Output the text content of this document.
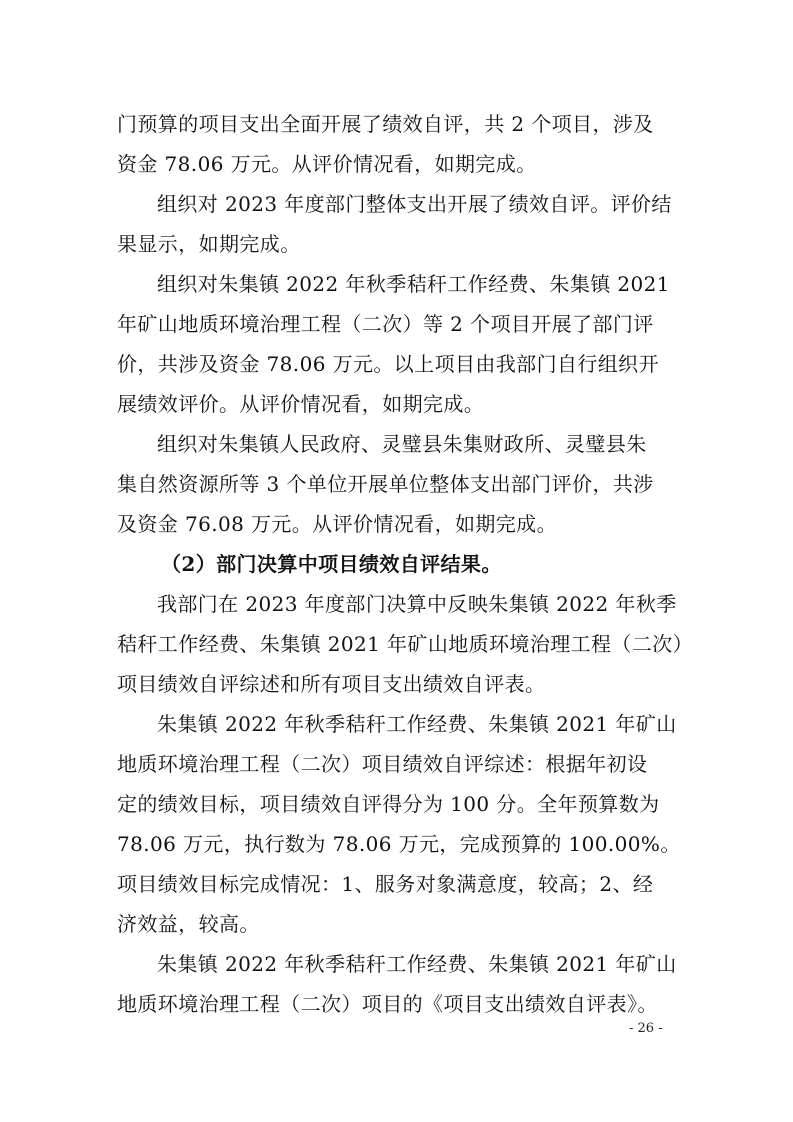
门预算的项目支出全面开展了绩效自评，共 2 个项目，涉及
资金 78.06 万元。从评价情况看，如期完成。
组织对 2023 年度部门整体支出开展了绩效自评。评价结
果显示，如期完成。
组织对朱集镇 2022 年秋季秸秆工作经费、朱集镇 2021
年矿山地质环境治理工程（二次）等 2 个项目开展了部门评
价，共涉及资金 78.06 万元。以上项目由我部门自行组织开
展绩效评价。从评价情况看，如期完成。
组织对朱集镇人民政府、灵璧县朱集财政所、灵璧县朱
集自然资源所等 3 个单位开展单位整体支出部门评价，共涉
及资金 76.08 万元。从评价情况看，如期完成。
（2）部门决算中项目绩效自评结果。
我部门在 2023 年度部门决算中反映朱集镇 2022 年秋季
秸秆工作经费、朱集镇 2021 年矿山地质环境治理工程（二次）
项目绩效自评综述和所有项目支出绩效自评表。
朱集镇 2022 年秋季秸秆工作经费、朱集镇 2021 年矿山
地质环境治理工程（二次）项目绩效自评综述：根据年初设
定的绩效目标，项目绩效自评得分为 100 分。全年预算数为
78.06 万元，执行数为 78.06 万元，完成预算的 100.00%。
项目绩效目标完成情况：1、服务对象满意度，较高；2、经
济效益，较高。
朱集镇 2022 年秋季秸秆工作经费、朱集镇 2021 年矿山
地质环境治理工程（二次）项目的《项目支出绩效自评表》。
- 26 -
